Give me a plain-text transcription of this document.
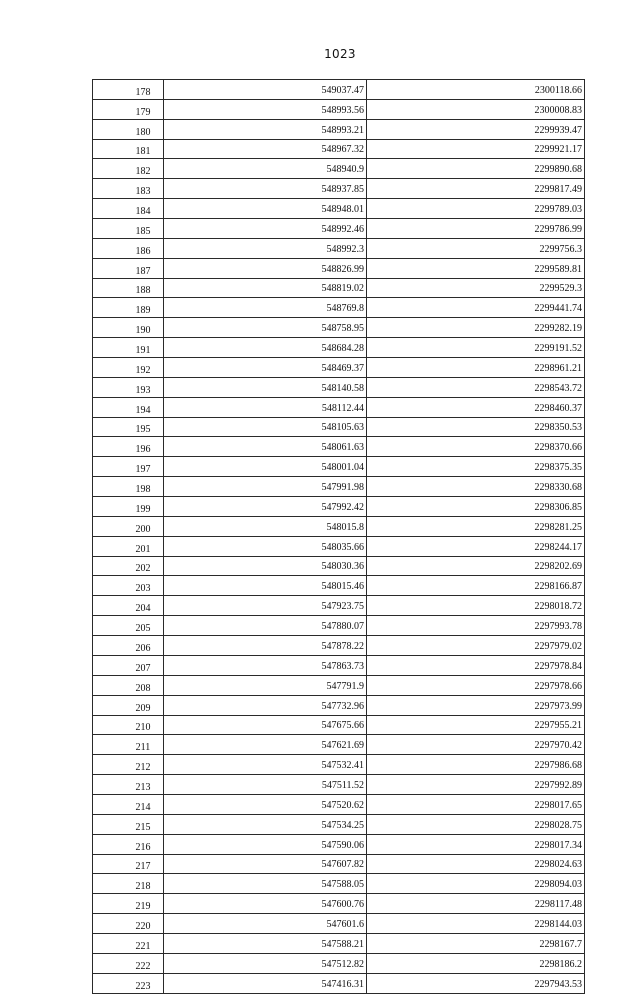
1023
178	549037.47	2300118.66
179	548993.56	2300008.83
180	548993.21	2299939.47
181	548967.32	2299921.17
182	548940.9	2299890.68
183	548937.85	2299817.49
184	548948.01	2299789.03
185	548992.46	2299786.99
186	548992.3	2299756.3
187	548826.99	2299589.81
188	548819.02	2299529.3
189	548769.8	2299441.74
190	548758.95	2299282.19
191	548684.28	2299191.52
192	548469.37	2298961.21
193	548140.58	2298543.72
194	548112.44	2298460.37
195	548105.63	2298350.53
196	548061.63	2298370.66
197	548001.04	2298375.35
198	547991.98	2298330.68
199	547992.42	2298306.85
200	548015.8	2298281.25
201	548035.66	2298244.17
202	548030.36	2298202.69
203	548015.46	2298166.87
204	547923.75	2298018.72
205	547880.07	2297993.78
206	547878.22	2297979.02
207	547863.73	2297978.84
208	547791.9	2297978.66
209	547732.96	2297973.99
210	547675.66	2297955.21
211	547621.69	2297970.42
212	547532.41	2297986.68
213	547511.52	2297992.89
214	547520.62	2298017.65
215	547534.25	2298028.75
216	547590.06	2298017.34
217	547607.82	2298024.63
218	547588.05	2298094.03
219	547600.76	2298117.48
220	547601.6	2298144.03
221	547588.21	2298167.7
222	547512.82	2298186.2
223	547416.31	2297943.53
